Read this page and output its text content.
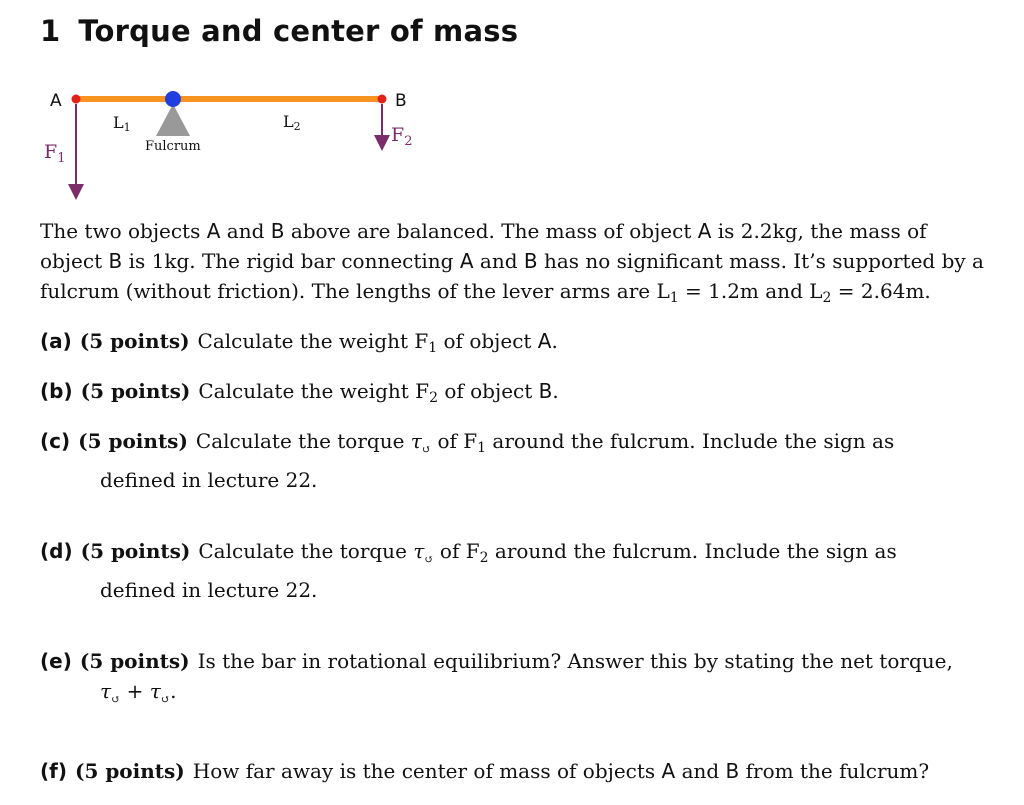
1 Torque and center of mass
A	B
L1	L2
$F_1$
$F_2$
Fulcrum
The two objects A and B above are balanced. The mass of object A is 2.2kg, the mass of object B is 1kg. The rigid bar connecting A and B has no significant mass. It’s supported by a fulcrum (without friction). The lengths of the lever arms are $L_1 = 1.2m$ and $L_2 = 2.64m$.
(a) (5 points) Calculate the weight $F_1$ of object A.
(b) (5 points) Calculate the weight $F_2$ of object B.
(c) (5 points) Calculate the torque $\tau_↺$ of $F_1$ around the fulcrum. Include the sign as
defined in lecture 22.
(d) (5 points) Calculate the torque $\tau_↺$ of $F_2$ around the fulcrum. Include the sign as
defined in lecture 22.
(e) (5 points) Is the bar in rotational equilibrium? Answer this by stating the net torque,
$\tau_↺ + \tau_↺$.
(f) (5 points) How far away is the center of mass of objects A and B from the fulcrum?
